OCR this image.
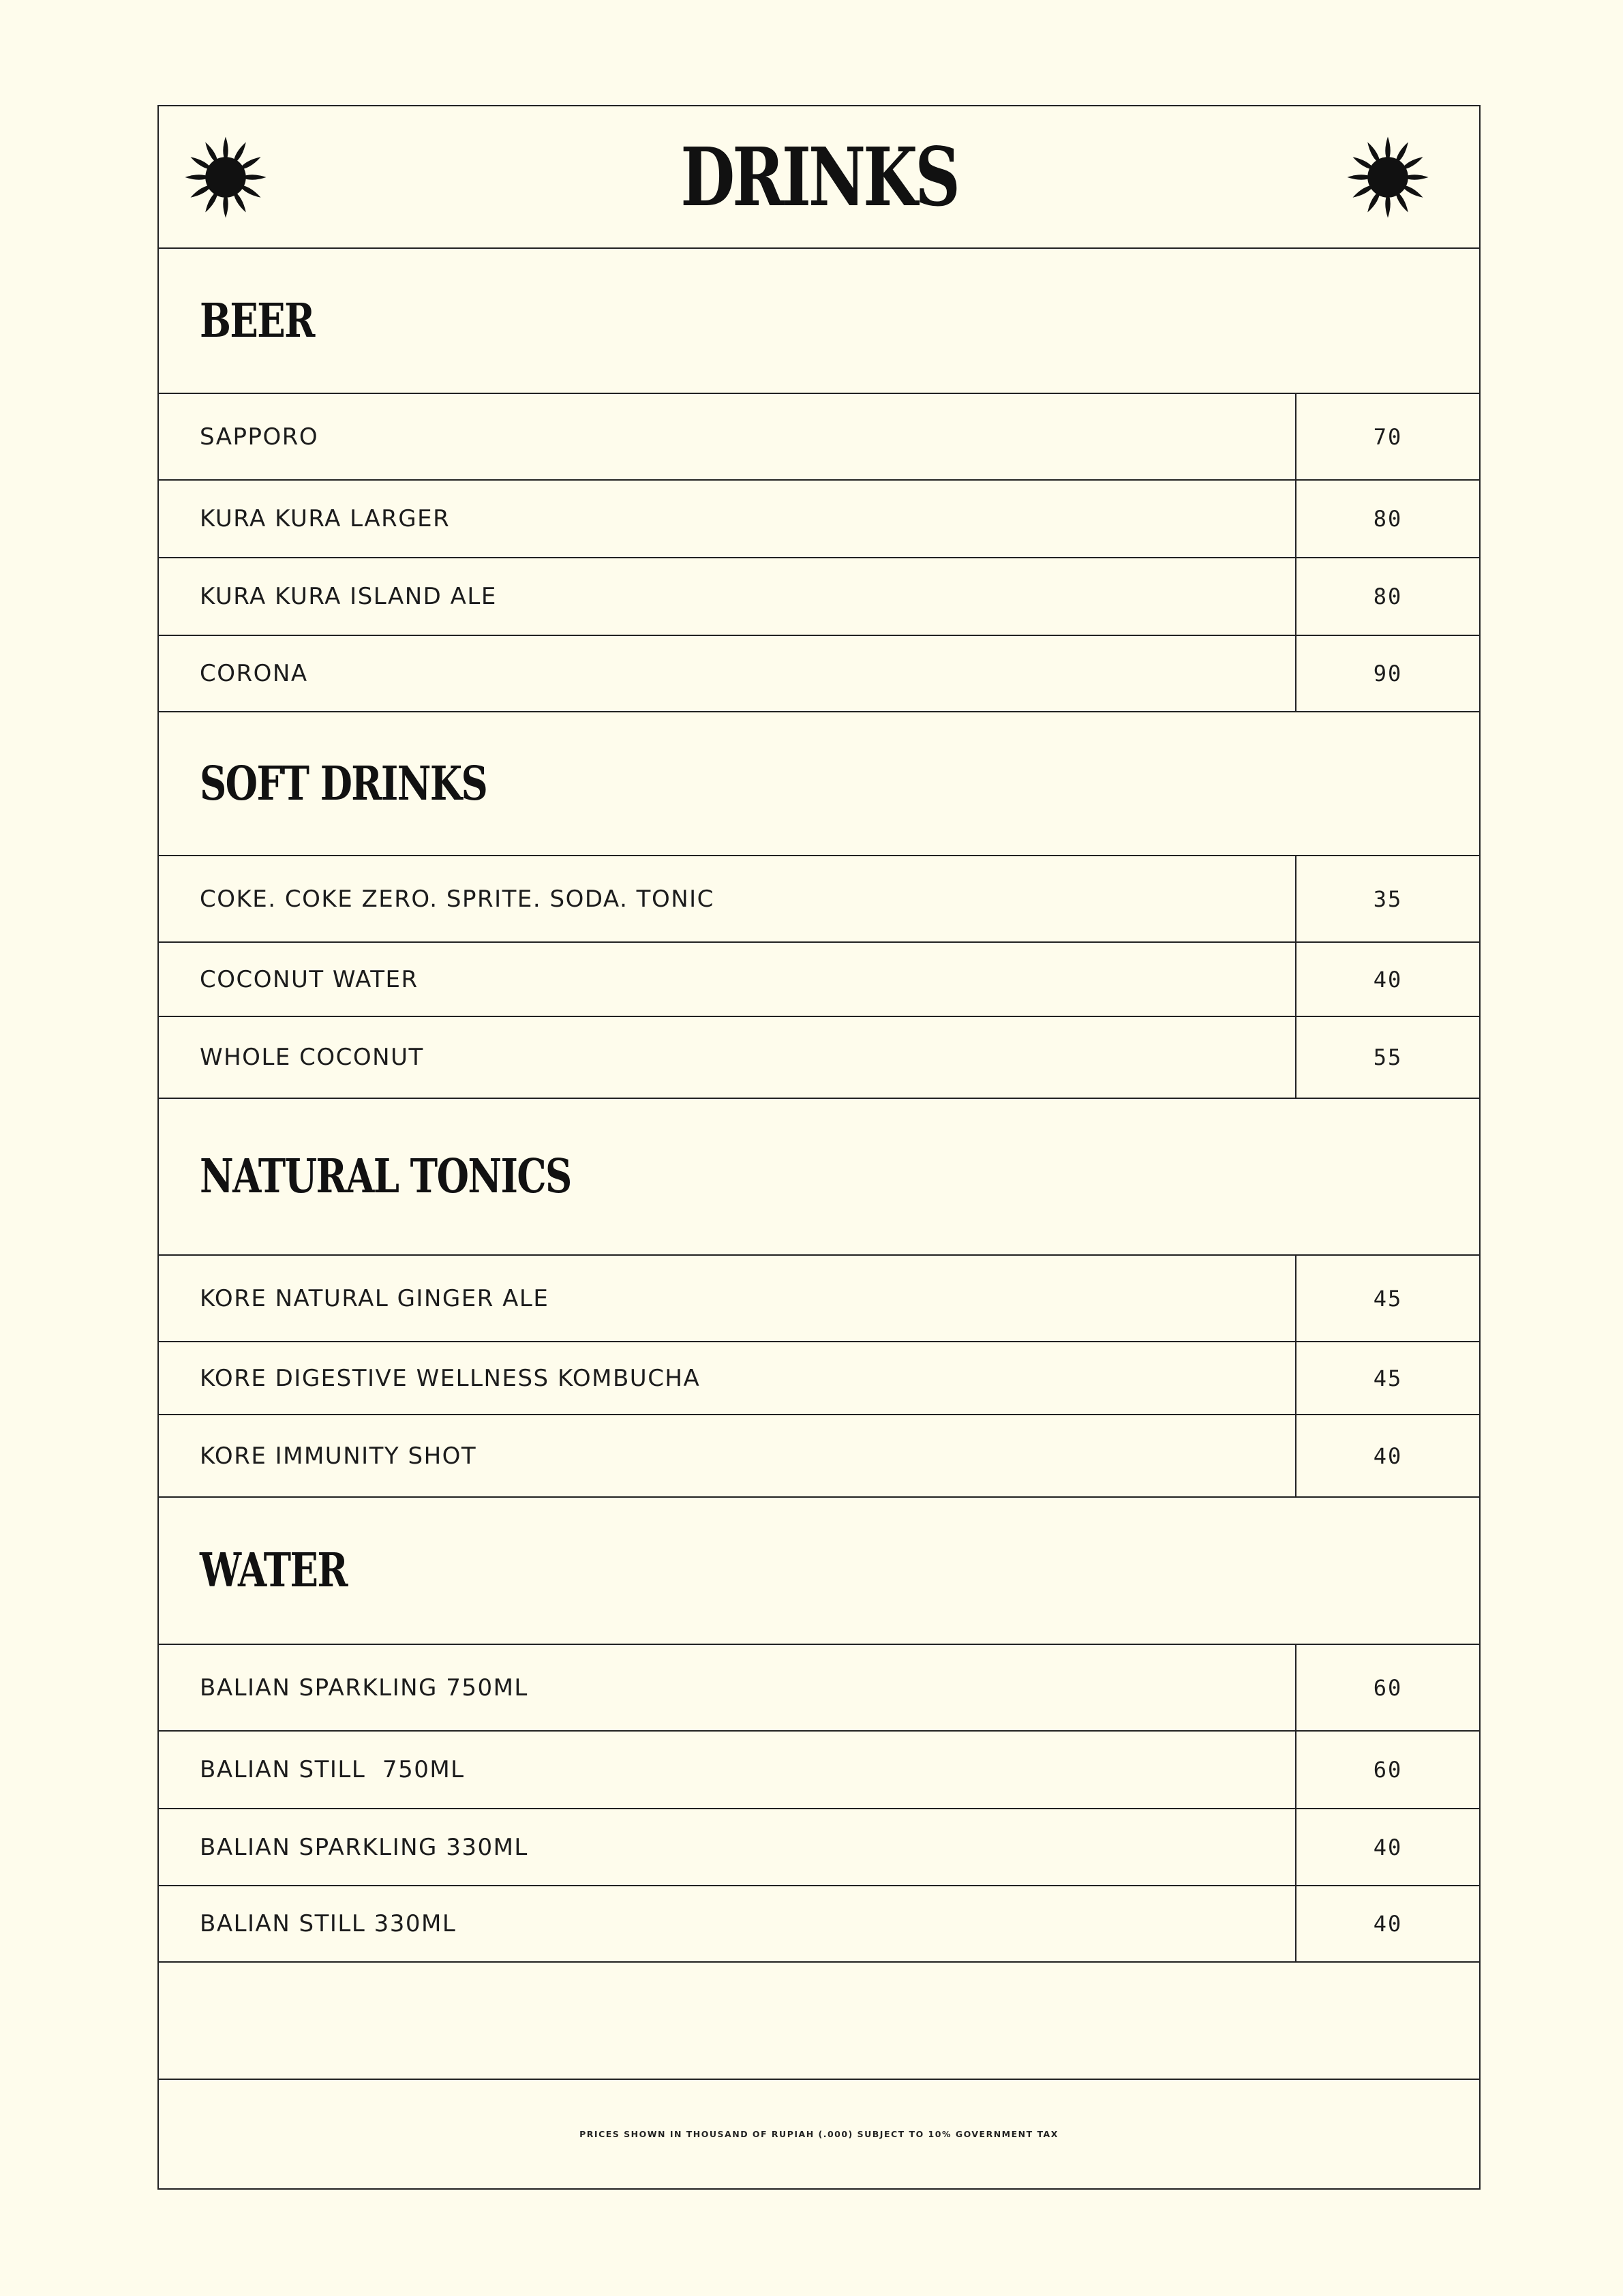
DRINKS
BEER
SAPPORO	70
KURA KURA LARGER	80
KURA KURA ISLAND ALE	80
CORONA	90
SOFT DRINKS
COKE. COKE ZERO. SPRITE. SODA. TONIC	35
COCONUT WATER	40
WHOLE COCONUT	55
NATURAL TONICS
KORE NATURAL GINGER ALE	45
KORE DIGESTIVE WELLNESS KOMBUCHA	45
KORE IMMUNITY SHOT	40
WATER
BALIAN SPARKLING 750ML	60
BALIAN STILL  750ML	60
BALIAN SPARKLING 330ML	40
BALIAN STILL 330ML	40
PRICES SHOWN IN THOUSAND OF RUPIAH (.000) SUBJECT TO 10% GOVERNMENT TAX
